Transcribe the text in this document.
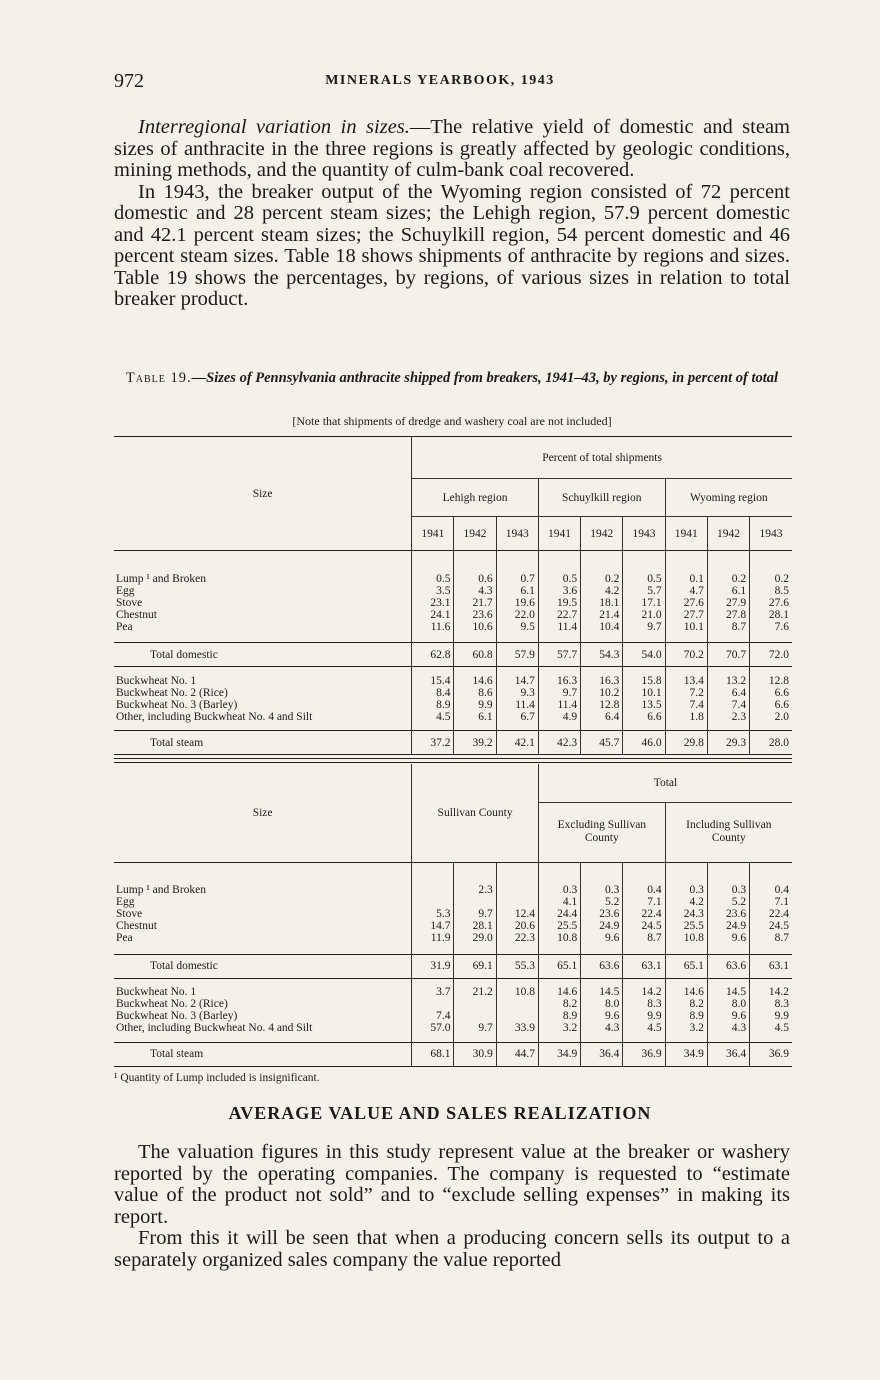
972	MINERALS YEARBOOK, 1943

Interregional variation in sizes.—The relative yield of domestic and steam sizes of anthracite in the three regions is greatly affected by geologic conditions, mining methods, and the quantity of culm-bank coal recovered.

In 1943, the breaker output of the Wyoming region consisted of 72 percent domestic and 28 percent steam sizes; the Lehigh region, 57.9 percent domestic and 42.1 percent steam sizes; the Schuylkill region, 54 percent domestic and 46 percent steam sizes. Table 18 shows shipments of anthracite by regions and sizes. Table 19 shows the percentages, by regions, of various sizes in relation to total breaker product.

Table 19.—Sizes of Pennsylvania anthracite shipped from breakers, 1941–43, by regions, in percent of total
[Note that shipments of dredge and washery coal are not included]
Size	Percent of total shipments								
	Lehigh region			Schuylkill region			Wyoming region		
	1941	1942	1943	1941	1942	1943	1941	1942	1943

Lump ¹ and Broken	0.5	0.6	0.7	0.5	0.2	0.5	0.1	0.2	0.2
Egg	3.5	4.3	6.1	3.6	4.2	5.7	4.7	6.1	8.5
Stove	23.1	21.7	19.6	19.5	18.1	17.1	27.6	27.9	27.6
Chestnut	24.1	23.6	22.0	22.7	21.4	21.0	27.7	27.8	28.1
Pea	11.6	10.6	9.5	11.4	10.4	9.7	10.1	8.7	7.6

Total domestic	62.8	60.8	57.9	57.7	54.3	54.0	70.2	70.7	72.0

Buckwheat No. 1	15.4	14.6	14.7	16.3	16.3	15.8	13.4	13.2	12.8
Buckwheat No. 2 (Rice)	8.4	8.6	9.3	9.7	10.2	10.1	7.2	6.4	6.6
Buckwheat No. 3 (Barley)	8.9	9.9	11.4	11.4	12.8	13.5	7.4	7.4	6.6
Other, including Buckwheat No. 4 and Silt	4.5	6.1	6.7	4.9	6.4	6.6	1.8	2.3	2.0

Total steam	37.2	39.2	42.1	42.3	45.7	46.0	29.8	29.3	28.0
Size	Sullivan County			Total					
				Excluding Sullivan County			Including Sullivan County		

Lump ¹ and Broken		2.3		0.3	0.3	0.4	0.3	0.3	0.4
Egg				4.1	5.2	7.1	4.2	5.2	7.1
Stove	5.3	9.7	12.4	24.4	23.6	22.4	24.3	23.6	22.4
Chestnut	14.7	28.1	20.6	25.5	24.9	24.5	25.5	24.9	24.5
Pea	11.9	29.0	22.3	10.8	9.6	8.7	10.8	9.6	8.7

Total domestic	31.9	69.1	55.3	65.1	63.6	63.1	65.1	63.6	63.1

Buckwheat No. 1	3.7	21.2	10.8	14.6	14.5	14.2	14.6	14.5	14.2
Buckwheat No. 2 (Rice)				8.2	8.0	8.3	8.2	8.0	8.3
Buckwheat No. 3 (Barley)	7.4			8.9	9.6	9.9	8.9	9.6	9.9
Other, including Buckwheat No. 4 and Silt	57.0	9.7	33.9	3.2	4.3	4.5	3.2	4.3	4.5

Total steam	68.1	30.9	44.7	34.9	36.4	36.9	34.9	36.4	36.9
¹ Quantity of Lump included is insignificant.
AVERAGE VALUE AND SALES REALIZATION

The valuation figures in this study represent value at the breaker or washery reported by the operating companies. The company is requested to “estimate value of the product not sold” and to “exclude selling expenses” in making its report.

From this it will be seen that when a producing concern sells its output to a separately organized sales company the value reported
